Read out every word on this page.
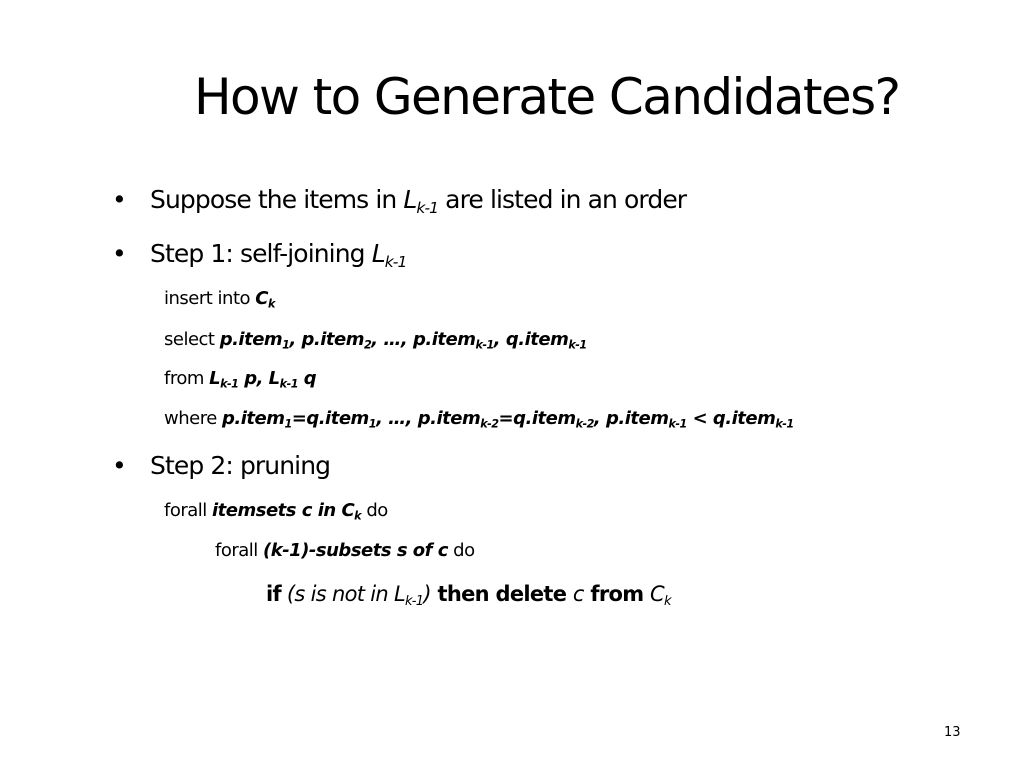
How to Generate Candidates?
• Suppose the items in $L_{k-1}$ are listed in an order
• Step 1: self-joining $L_{k-1}$
insert into $C_k$
select p.item$_1$, p.item$_2$, …, p.item$_{k-1}$, q.item$_{k-1}$
from $L_{k-1}$ p, $L_{k-1}$ q
where p.item$_1$=q.item$_1$, …, p.item$_{k-2}$=q.item$_{k-2}$, p.item$_{k-1}$ < q.item$_{k-1}$
• Step 2: pruning
forall itemsets c in $C_k$ do
forall (k-1)-subsets s of c do
if (s is not in $L_{k-1}$) then delete c from $C_k$
13
